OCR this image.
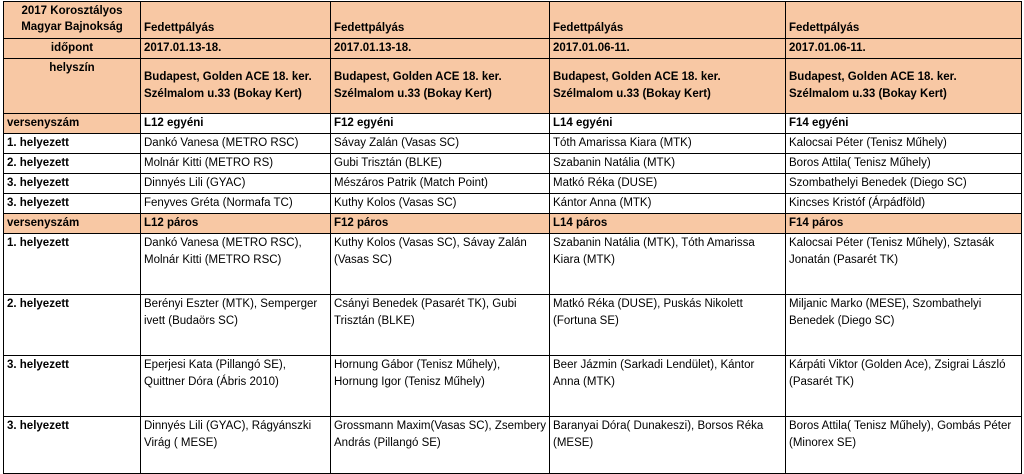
2017 Korosztályos
Magyar Bajnokság	Fedettpályás	Fedettpályás	Fedettpályás	Fedettpályás
időpont	2017.01.13-18.	2017.01.13-18.	2017.01.06-11.	2017.01.06-11.
helyszín	Budapest, Golden ACE 18. ker. Szélmalom u.33 (Bokay Kert)	Budapest, Golden ACE 18. ker. Szélmalom u.33 (Bokay Kert)	Budapest, Golden ACE 18. ker. Szélmalom u.33 (Bokay Kert)	Budapest, Golden ACE 18. ker. Szélmalom u.33 (Bokay Kert)
versenyszám	L12 egyéni	F12 egyéni	L14 egyéni	F14 egyéni
1. helyezett	Dankó Vanesa (METRO RSC)	Sávay Zalán (Vasas SC)	Tóth Amarissa Kiara (MTK)	Kalocsai Péter (Tenisz Műhely)
2. helyezett	Molnár Kitti (METRO RS)	Gubi Trisztán (BLKE)	Szabanin Natália (MTK)	Boros Attila( Tenisz Műhely)
3. helyezett	Dinnyés Lili (GYAC)	Mészáros Patrik (Match Point)	Matkó Réka (DUSE)	Szombathelyi Benedek (Diego SC)
3. helyezett	Fenyves Gréta (Normafa TC)	Kuthy Kolos (Vasas SC)	Kántor Anna (MTK)	Kincses Kristóf (Árpádföld)
versenyszám	L12 páros	F12 páros	L14 páros	F14 páros
1. helyezett	Dankó Vanesa (METRO RSC), Molnár Kitti (METRO RSC)	Kuthy Kolos (Vasas SC), Sávay Zalán (Vasas SC)	Szabanin Natália (MTK), Tóth Amarissa Kiara (MTK)	Kalocsai Péter (Tenisz Műhely), Sztasák Jonatán (Pasarét TK)
2. helyezett	Berényi Eszter (MTK), Semperger ivett (Budaörs SC)	Csányi Benedek (Pasarét TK), Gubi Trisztán (BLKE)	Matkó Réka (DUSE), Puskás Nikolett (Fortuna SE)	Miljanic Marko (MESE), Szombathelyi Benedek (Diego SC)
3. helyezett	Eperjesi Kata (Pillangó SE), Quittner Dóra (Ábris 2010)	Hornung Gábor (Tenisz Műhely), Hornung Igor (Tenisz Műhely)	Beer Jázmin (Sarkadi Lendület), Kántor Anna (MTK)	Kárpáti Viktor (Golden Ace), Zsigrai László (Pasarét TK)
3. helyezett	Dinnyés Lili (GYAC), Rágyánszki Virág ( MESE)	Grossmann Maxim(Vasas SC), Zsembery András (Pillangó SE)	Baranyai Dóra( Dunakeszi), Borsos Réka (MESE)	Boros Attila( Tenisz Műhely), Gombás Péter (Minorex SE)
